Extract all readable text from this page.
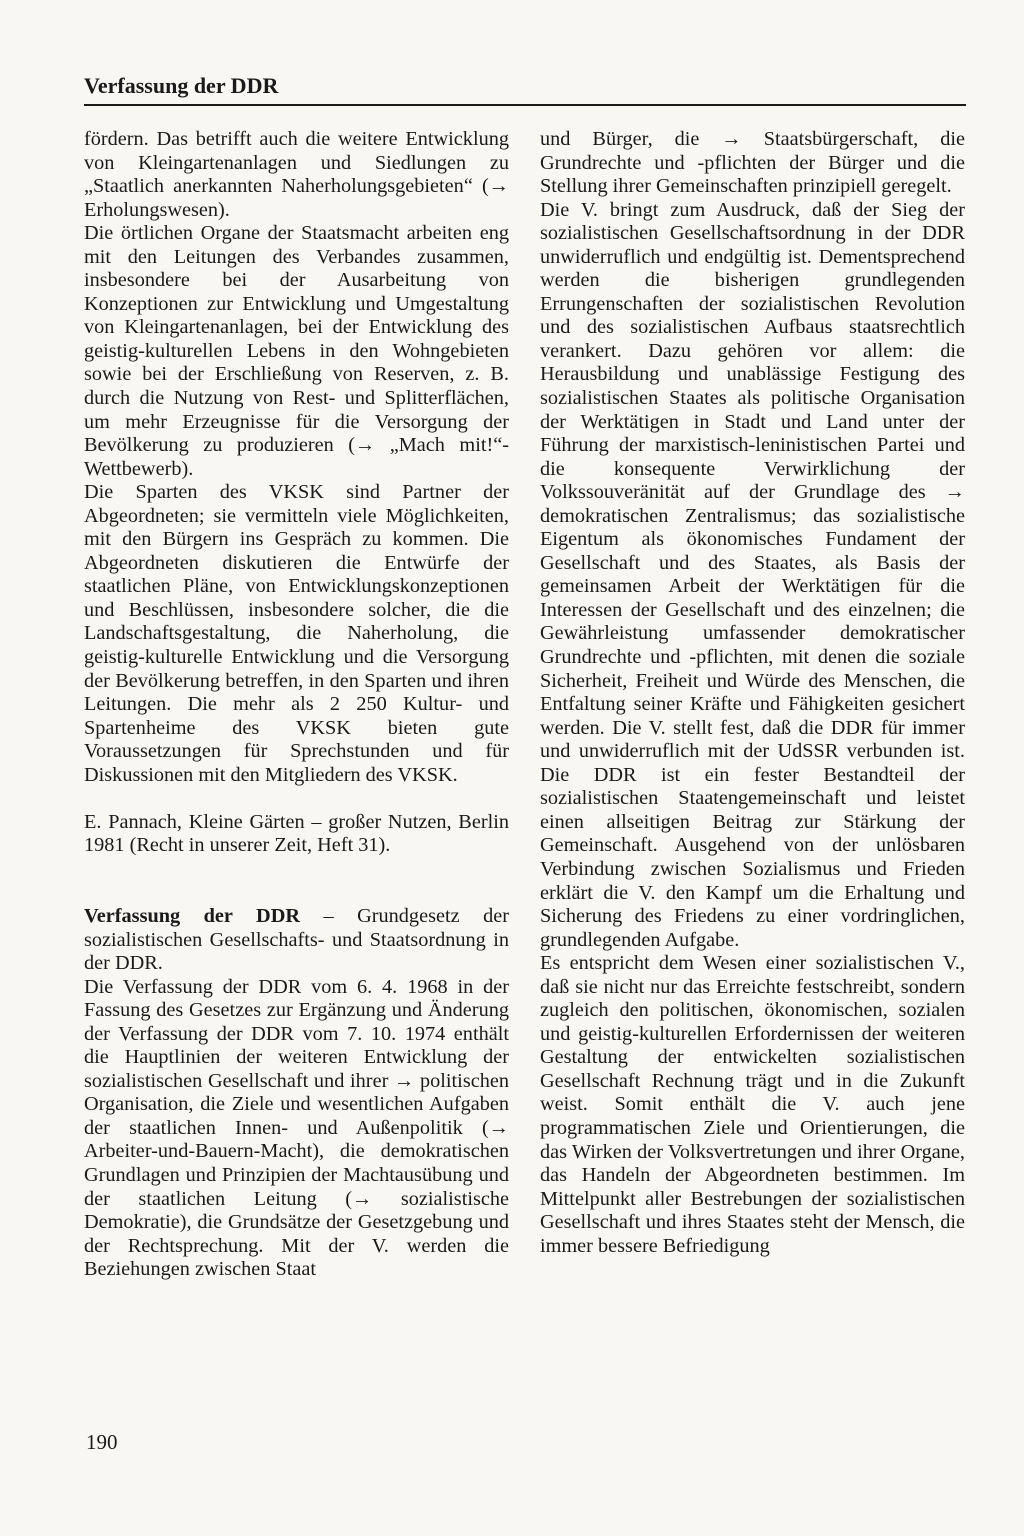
Verfassung der DDR

fördern. Das betrifft auch die weitere Entwicklung von Kleingartenanlagen und Siedlungen zu „Staatlich anerkannten Naherholungsgebieten“ (→ Erholungswesen).

Die örtlichen Organe der Staatsmacht arbeiten eng mit den Leitungen des Verbandes zusammen, insbesondere bei der Ausarbeitung von Konzeptionen zur Entwicklung und Umgestaltung von Kleingartenanlagen, bei der Entwicklung des geistig-kulturellen Lebens in den Wohngebieten sowie bei der Erschließung von Reserven, z. B. durch die Nutzung von Rest- und Splitterflächen, um mehr Erzeugnisse für die Versorgung der Bevölkerung zu produzieren (→ „Mach mit!“-Wettbewerb).

Die Sparten des VKSK sind Partner der Abgeordneten; sie vermitteln viele Möglichkeiten, mit den Bürgern ins Gespräch zu kommen. Die Abgeordneten diskutieren die Entwürfe der staatlichen Pläne, von Entwicklungskonzeptionen und Beschlüssen, insbesondere solcher, die die Landschaftsgestaltung, die Naherholung, die geistig-kulturelle Entwicklung und die Versorgung der Bevölkerung betreffen, in den Sparten und ihren Leitungen. Die mehr als 2 250 Kultur- und Spartenheime des VKSK bieten gute Voraussetzungen für Sprechstunden und für Diskussionen mit den Mitgliedern des VKSK.

E. Pannach, Kleine Gärten – großer Nutzen, Berlin 1981 (Recht in unserer Zeit, Heft 31).

Verfassung der DDR – Grundgesetz der sozialistischen Gesellschafts- und Staatsordnung in der DDR.

Die Verfassung der DDR vom 6. 4. 1968 in der Fassung des Gesetzes zur Ergänzung und Änderung der Verfassung der DDR vom 7. 10. 1974 enthält die Hauptlinien der weiteren Entwicklung der sozialistischen Gesellschaft und ihrer → politischen Organisation, die Ziele und wesentlichen Aufgaben der staatlichen Innen- und Außenpolitik (→ Arbeiter-und-Bauern-Macht), die demokratischen Grundlagen und Prinzipien der Machtausübung und der staatlichen Leitung (→ sozialistische Demokratie), die Grundsätze der Gesetzgebung und der Rechtsprechung. Mit der V. werden die Beziehungen zwischen Staat

und Bürger, die → Staatsbürgerschaft, die Grundrechte und -pflichten der Bürger und die Stellung ihrer Gemeinschaften prinzipiell geregelt.

Die V. bringt zum Ausdruck, daß der Sieg der sozialistischen Gesellschaftsordnung in der DDR unwiderruflich und endgültig ist. Dementsprechend werden die bisherigen grundlegenden Errungenschaften der sozialistischen Revolution und des sozialistischen Aufbaus staatsrechtlich verankert. Dazu gehören vor allem: die Herausbildung und unablässige Festigung des sozialistischen Staates als politische Organisation der Werktätigen in Stadt und Land unter der Führung der marxistisch-leninistischen Partei und die konsequente Verwirklichung der Volkssouveränität auf der Grundlage des → demokratischen Zentralismus; das sozialistische Eigentum als ökonomisches Fundament der Gesellschaft und des Staates, als Basis der gemeinsamen Arbeit der Werktätigen für die Interessen der Gesellschaft und des einzelnen; die Gewährleistung umfassender demokratischer Grundrechte und -pflichten, mit denen die soziale Sicherheit, Freiheit und Würde des Menschen, die Entfaltung seiner Kräfte und Fähigkeiten gesichert werden. Die V. stellt fest, daß die DDR für immer und unwiderruflich mit der UdSSR verbunden ist. Die DDR ist ein fester Bestandteil der sozialistischen Staatengemeinschaft und leistet einen allseitigen Beitrag zur Stärkung der Gemeinschaft. Ausgehend von der unlösbaren Verbindung zwischen Sozialismus und Frieden erklärt die V. den Kampf um die Erhaltung und Sicherung des Friedens zu einer vordringlichen, grundlegenden Aufgabe.

Es entspricht dem Wesen einer sozialistischen V., daß sie nicht nur das Erreichte festschreibt, sondern zugleich den politischen, ökonomischen, sozialen und geistig-kulturellen Erfordernissen der weiteren Gestaltung der entwickelten sozialistischen Gesellschaft Rechnung trägt und in die Zukunft weist. Somit enthält die V. auch jene programmatischen Ziele und Orientierungen, die das Wirken der Volksvertretungen und ihrer Organe, das Handeln der Abgeordneten bestimmen. Im Mittelpunkt aller Bestrebungen der sozialistischen Gesellschaft und ihres Staates steht der Mensch, die immer bessere Befriedigung

190
